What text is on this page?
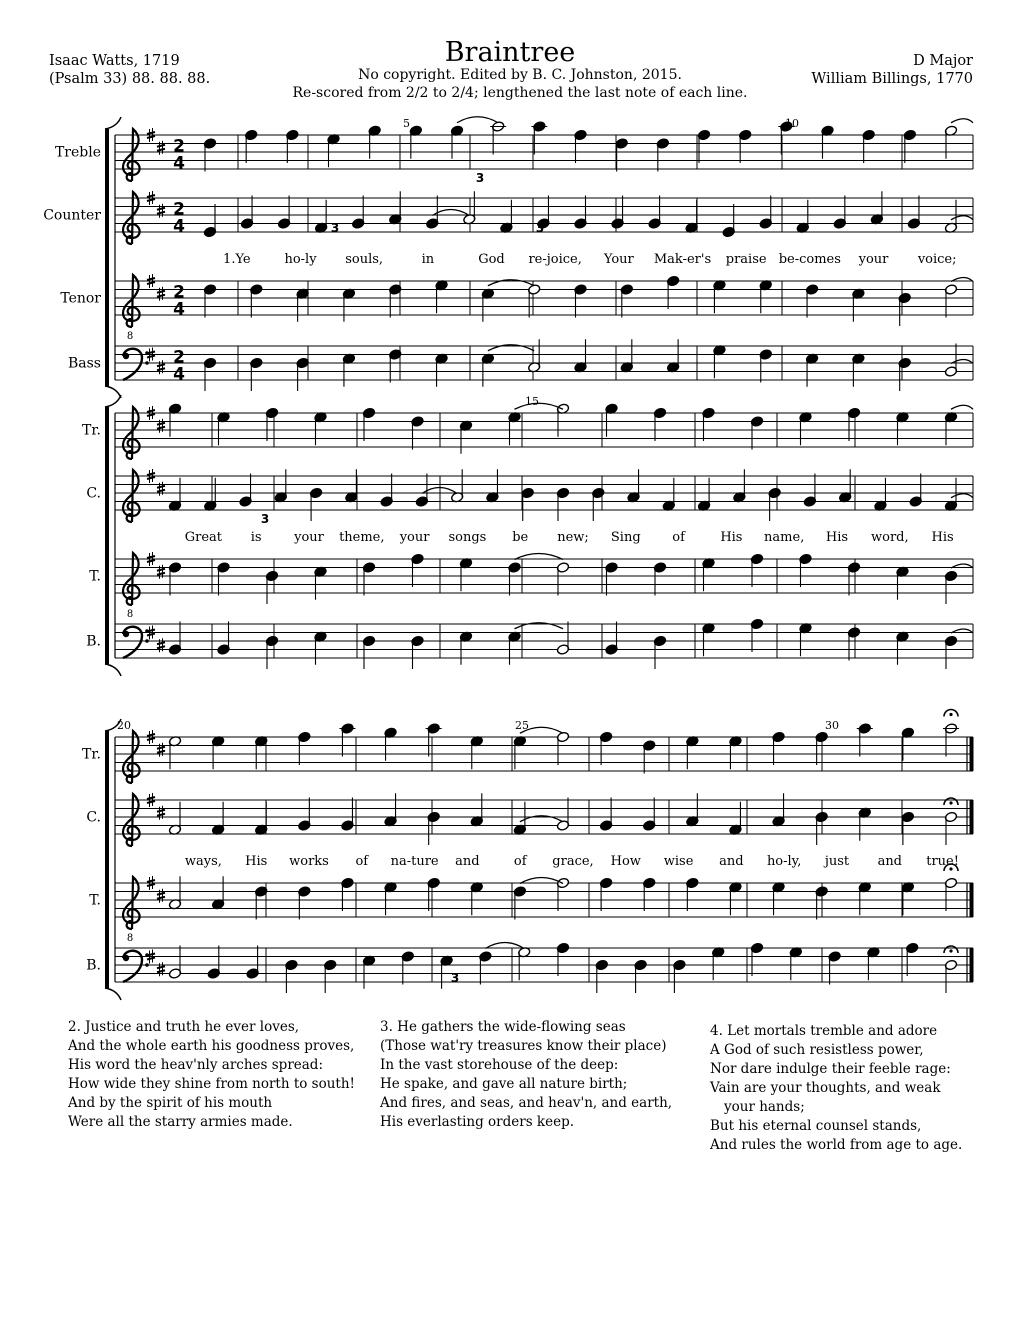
Isaac Watts, 1719
(Psalm 33) 88. 88. 88.
Braintree
No copyright. Edited by B. C. Johnston, 2015.
Re-scored from 2/2 to 2/4; lengthened the last note of each line.
D Major
William Billings, 1770
Treble	2
4
Counter	2
4
Tenor
8
2
4
Bass	2
4
3	3
3
1.Ye	ho-ly souls,	in	God re-joice, Your Mak-er's praise be-comes your voice;
Tr.
C.
T.
8
B.
3
Great is your theme, your songs be new; Sing of	His name, His word, His
Tr.
C.
T.
8
B.
3
ways, His works of na-ture and	of grace, How wise and ho-ly, just and true!
5	10
15
20	25	30
2. Justice and truth he ever loves,
And the whole earth his goodness proves,
His word the heav'nly arches spread:
How wide they shine from north to south!
And by the spirit of his mouth
Were all the starry armies made.
3. He gathers the wide-flowing seas
(Those wat'ry treasures know their place)
In the vast storehouse of the deep:
He spake, and gave all nature birth;
And fires, and seas, and heav'n, and earth,
His everlasting orders keep.
4. Let mortals tremble and adore
A God of such resistless power,
Nor dare indulge their feeble rage:
Vain are your thoughts, and weak
your hands;
But his eternal counsel stands,
And rules the world from age to age.
